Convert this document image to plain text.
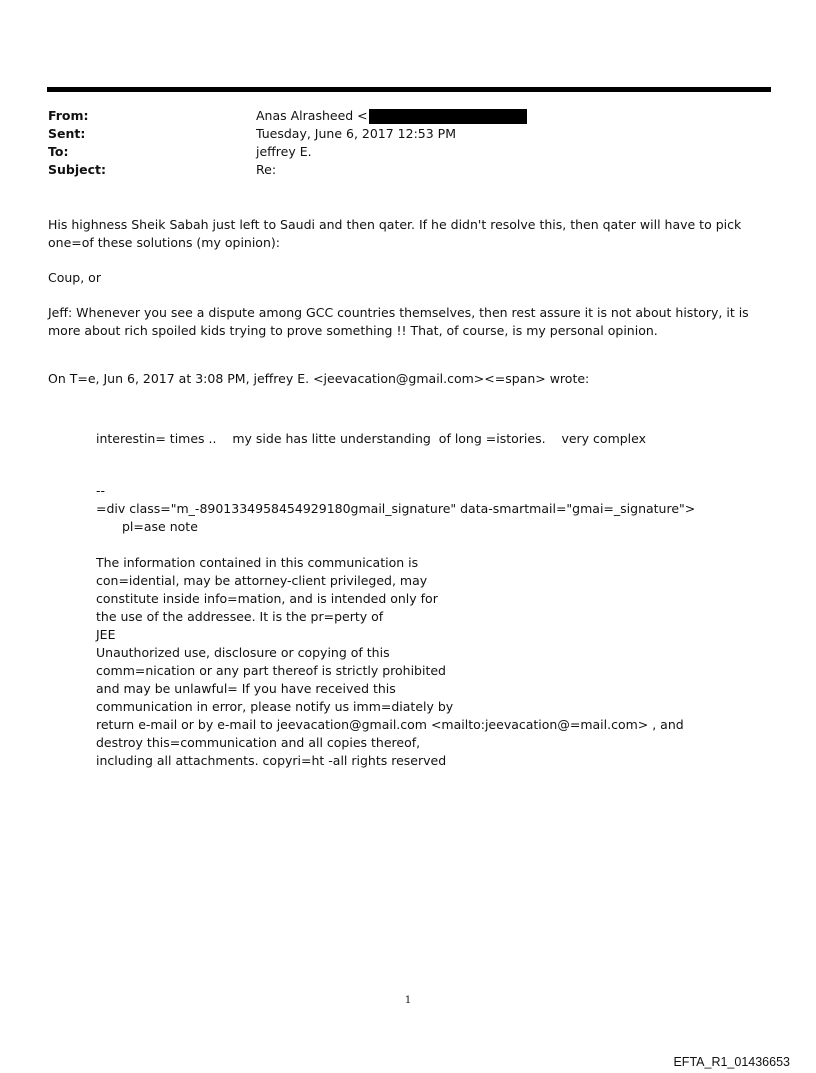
From:	Anas Alrasheed <
Sent:	Tuesday, June 6, 2017 12:53 PM
To:	jeffrey E.
Subject:	Re:

His highness Sheik Sabah just left to Saudi and then qater. If he didn't resolve this, then qater will have to pick one=of these solutions (my opinion):

Coup, or

Jeff: Whenever you see a dispute among GCC countries themselves, then rest assure it is not about history, it is more about rich spoiled kids trying to prove something !! That, of course, is my personal opinion.

On T=e, Jun 6, 2017 at 3:08 PM, jeffrey E. <jeevacation@gmail.com><=span> wrote:

interestin= times ..    my side has litte understanding  of long =istories.    very complex

--

=div class="m_-8901334958454929180gmail_signature" data-smartmail="gmai=_signature">

pl=ase note

The information contained in this communication is

con=idential, may be attorney-client privileged, may

constitute inside info=mation, and is intended only for

the use of the addressee. It is the pr=perty of

JEE

Unauthorized use, disclosure or copying of this

comm=nication or any part thereof is strictly prohibited

and may be unlawful= If you have received this

communication in error, please notify us imm=diately by

return e-mail or by e-mail to jeevacation@gmail.com <mailto:jeevacation@=mail.com> , and

destroy this=communication and all copies thereof,

including all attachments. copyri=ht -all rights reserved

1
EFTA_R1_01436653
